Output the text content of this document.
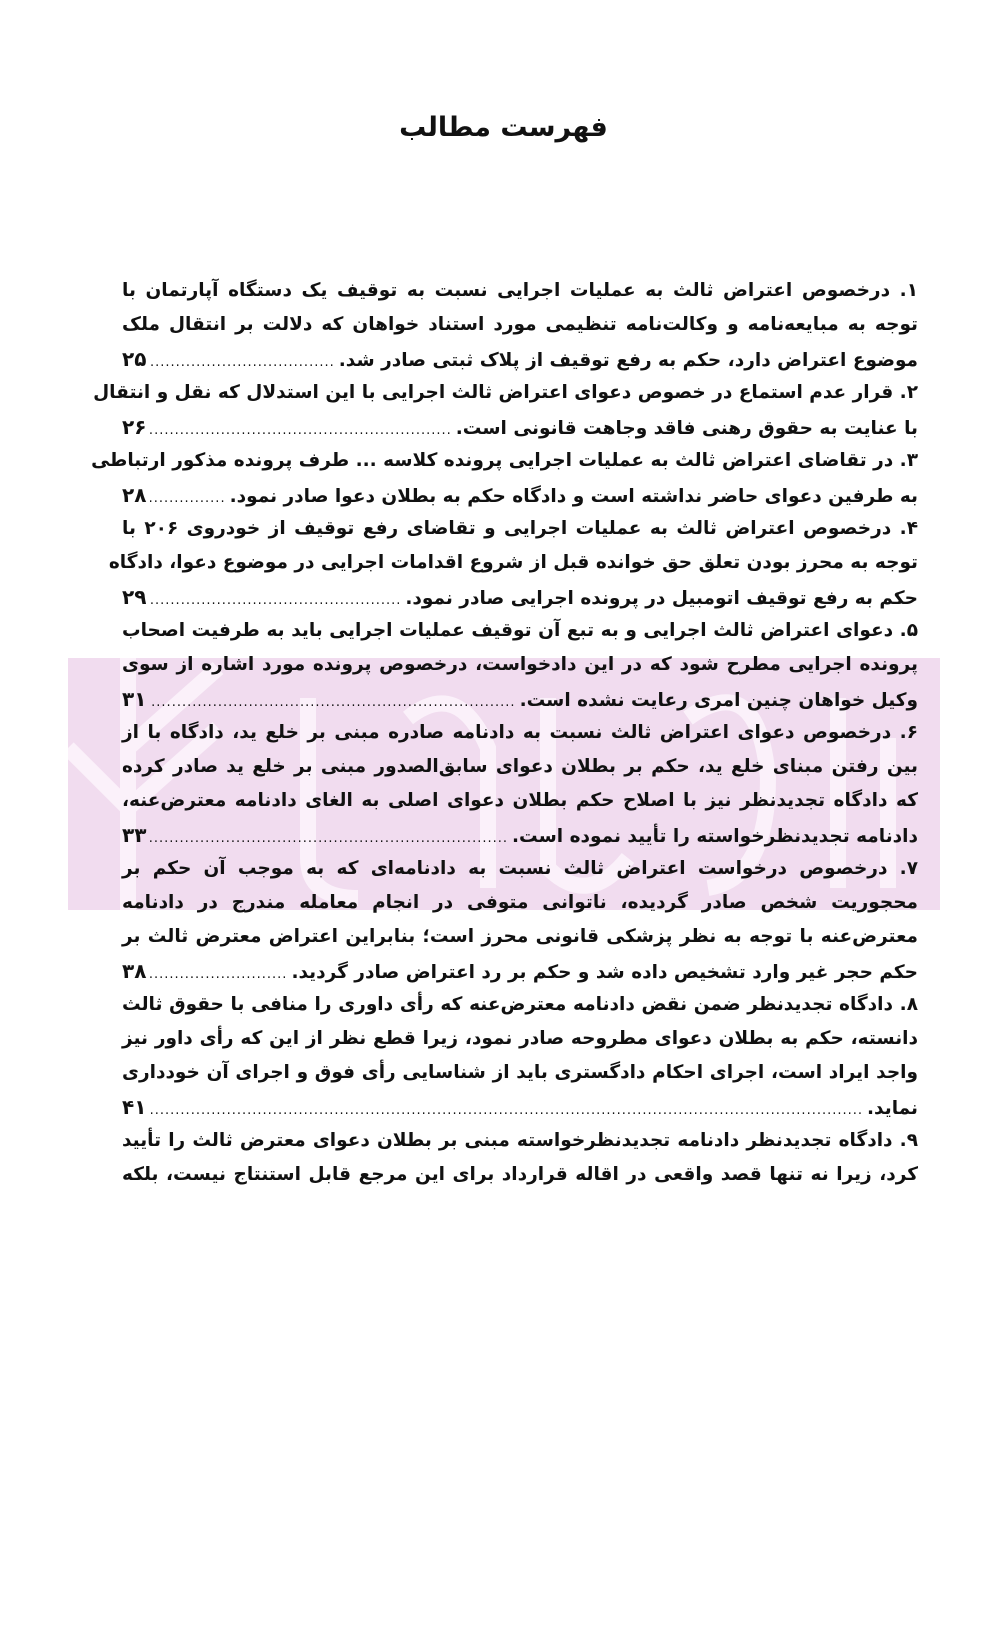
فهرست مطالب
۱. درخصوص اعتراض ثالث به عملیات اجرایی نسبت به توقیف یک دستگاه آپارتمان با
توجه به مبایعه‌نامه و وکالت‌نامه تنظیمی مورد استناد خواهان که دلالت بر انتقال ملک
موضوع اعتراض دارد، حکم به رفع توقیف از پلاک ثبتی صادر شد.
.....
۲۵
۲. قرار عدم استماع در خصوص دعوای اعتراض ثالث اجرایی با این استدلال که نقل و انتقال
با عنایت به حقوق رهنی فاقد وجاهت قانونی است.
.....
۲۶
۳. در تقاضای اعتراض ثالث به عملیات اجرایی پرونده کلاسه ... طرف پرونده مذکور ارتباطی
به طرفین دعوای حاضر نداشته است و دادگاه حکم به بطلان دعوا صادر نمود.
.....
۲۸
۴. درخصوص اعتراض ثالث به عملیات اجرایی و تقاضای رفع توقیف از خودروی ۲۰۶ با
توجه به محرز بودن تعلق حق خوانده قبل از شروع اقدامات اجرایی در موضوع دعوا، دادگاه
حکم به رفع توقیف اتومبیل در پرونده اجرایی صادر نمود.
.....
۲۹
۵. دعوای اعتراض ثالث اجرایی و به تبع آن توقیف عملیات اجرایی باید به طرفیت اصحاب
پرونده اجرایی مطرح شود که در این دادخواست، درخصوص پرونده مورد اشاره از سوی
وکیل خواهان چنین امری رعایت نشده است.
.....
۳۱
۶. درخصوص دعوای اعتراض ثالث نسبت به دادنامه صادره مبنی بر خلع ید، دادگاه با از
بین رفتن مبنای خلع ید، حکم بر بطلان دعوای سابق‌الصدور مبنی بر خلع ید صادر کرده
که دادگاه تجدیدنظر نیز با اصلاح حکم بطلان دعوای اصلی به الغای دادنامه معترض‌عنه،
دادنامه تجدیدنظرخواسته را تأیید نموده است.
.....
۳۳
۷. درخصوص درخواست اعتراض ثالث نسبت به دادنامه‌ای که به موجب آن حکم بر
محجوریت شخص صادر گردیده، ناتوانی متوفی در انجام معامله مندرج در دادنامه
معترض‌عنه با توجه به نظر پزشکی قانونی محرز است؛ بنابراین اعتراض معترض ثالث بر
حکم حجر غیر وارد تشخیص داده شد و حکم بر رد اعتراض صادر گردید.
.....
۳۸
۸. دادگاه تجدیدنظر ضمن نقض دادنامه معترض‌عنه که رأی داوری را منافی با حقوق ثالث
دانسته، حکم به بطلان دعوای مطروحه صادر نمود، زیرا قطع نظر از این که رأی داور نیز
واجد ایراد است، اجرای احکام دادگستری باید از شناسایی رأی فوق و اجرای آن خودداری
نماید.
.....
۴۱
۹. دادگاه تجدیدنظر دادنامه تجدیدنظرخواسته مبنی بر بطلان دعوای معترض ثالث را تأیید
کرد، زیرا نه تنها قصد واقعی در اقاله قرارداد برای این مرجع قابل استنتاج نیست، بلکه
